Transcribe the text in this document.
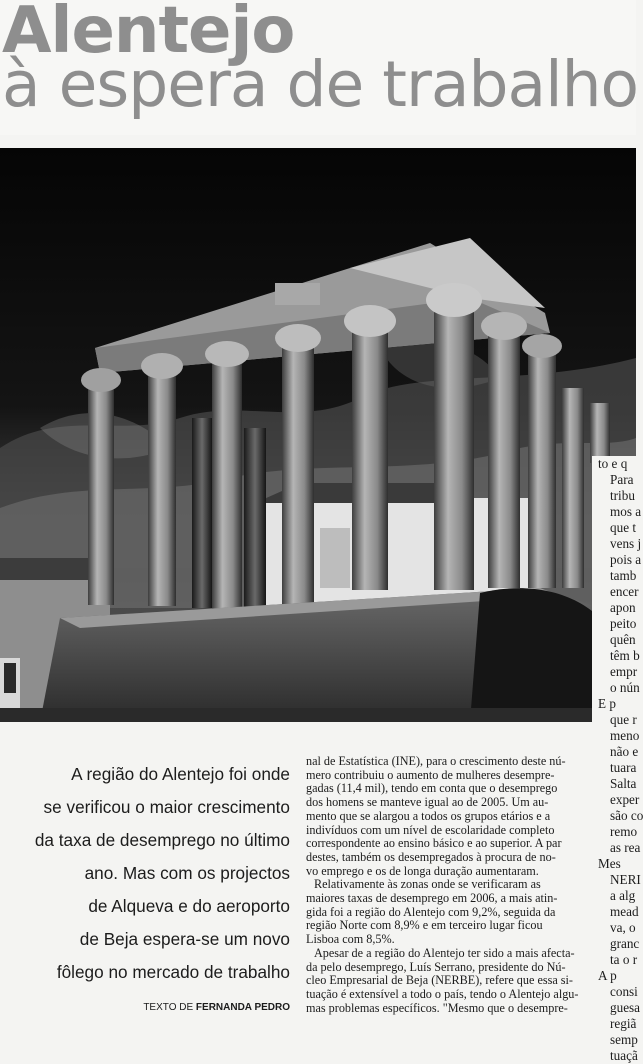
Alentejo
à espera de trabalho

to e q

Para

tribu

mos a

que t

vens j

pois a

tamb

encer

apon

peito

quên

têm b

empr

o nún

E p

que r

meno

não e

tuara

Salta

exper

são co

remo

as rea

Mes

NERI

a alg

mead

va, o

granc

ta o r

A p

consi

guesa

regiã

semp

tuaçã

A região do Alentejo foi onde
se verificou o maior crescimento
da taxa de desemprego no último
ano. Mas com os projectos
de Alqueva e do aeroporto
de Beja espera-se um novo
fôlego no mercado de trabalho
TEXTO DE FERNANDA PEDRO
nal de Estatística (INE), para o crescimento deste nú-
mero contribuiu o aumento de mulheres desempre-
gadas (11,4 mil), tendo em conta que o desemprego
dos homens se manteve igual ao de 2005. Um au-
mento que se alargou a todos os grupos etários e a
indivíduos com um nível de escolaridade completo
correspondente ao ensino básico e ao superior. A par
destes, também os desempregados à procura de no-
vo emprego e os de longa duração aumentaram.
Relativamente às zonas onde se verificaram as
maiores taxas de desemprego em 2006, a mais atin-
gida foi a região do Alentejo com 9,2%, seguida da
região Norte com 8,9% e em terceiro lugar ficou
Lisboa com 8,5%.
Apesar de a região do Alentejo ter sido a mais afecta-
da pelo desemprego, Luís Serrano, presidente do Nú-
cleo Empresarial de Beja (NERBE), refere que essa si-
tuação é extensível a todo o país, tendo o Alentejo algu-
mas problemas específicos. "Mesmo que o desempre-
